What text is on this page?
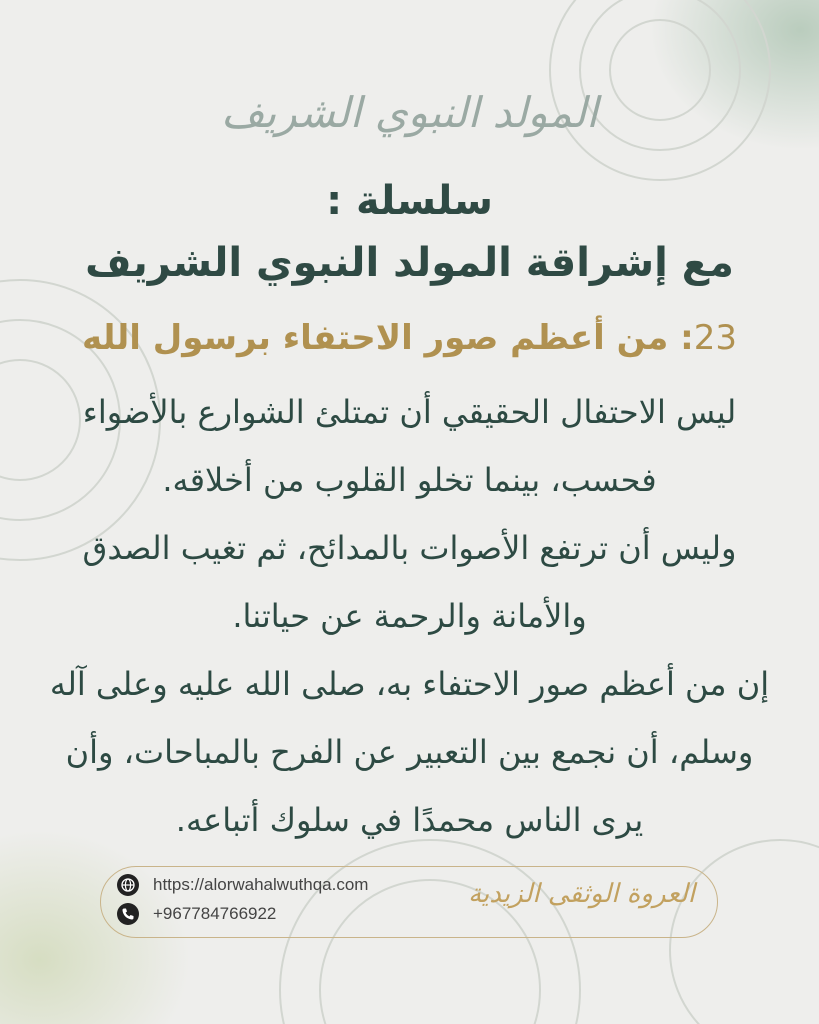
المولد النبوي الشريف
سلسلة :
مع إشراقة المولد النبوي الشريف
23: من أعظم صور الاحتفاء برسول الله

ليس الاحتفال الحقيقي أن تمتلئ الشوارع بالأضواء فحسب، بينما تخلو القلوب من أخلاقه.

وليس أن ترتفع الأصوات بالمدائح، ثم تغيب الصدق والأمانة والرحمة عن حياتنا.

إن من أعظم صور الاحتفاء به، صلى الله عليه وعلى آله وسلم، أن نجمع بين التعبير عن الفرح بالمباحات، وأن يرى الناس محمدًا في سلوك أتباعه.

https://alorwahalwuthqa.com
+967784766922
العروة الوثقى الزيدية
